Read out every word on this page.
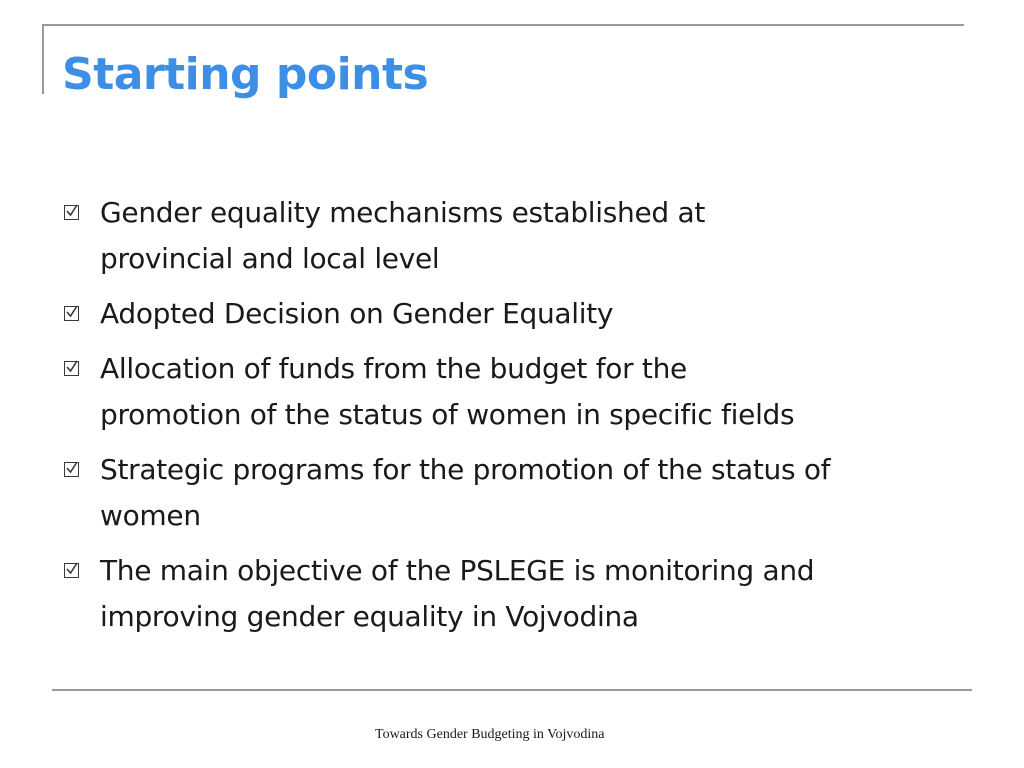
Starting points
Gender equality mechanisms established at
provincial and local level
Adopted Decision on Gender Equality
Allocation of funds from the budget for the
promotion of the status of women in specific fields
Strategic programs for the promotion of the status of
women
The main objective of the PSLEGE is monitoring and
improving gender equality in Vojvodina
Towards Gender Budgeting in Vojvodina
